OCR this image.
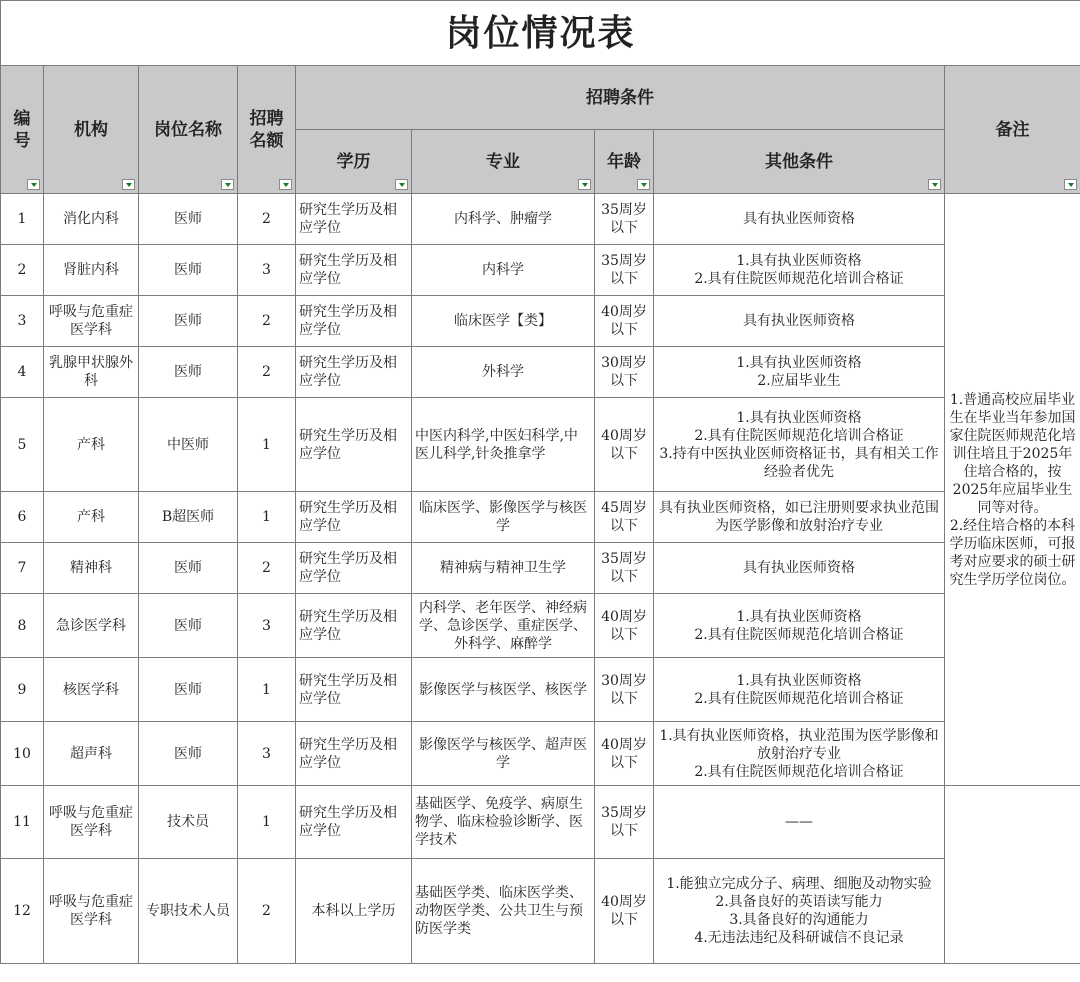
岗位情况表								
编号	机构	岗位名称	招聘名额	招聘条件				备注

				学历	专业	年龄	其他条件	

1	消化内科	医师	2	研究生学历及相应学位	内科学、肿瘤学	35周岁以下	具有执业医师资格	1.普通高校应届毕业生在毕业当年参加国家住院医师规范化培训住培且于2025年住培合格的，按2025年应届毕业生同等对待。
2.经住培合格的本科学历临床医师，可报考对应要求的硕士研究生学历学位岗位。
2	肾脏内科	医师	3	研究生学历及相应学位	内科学	35周岁以下	1.具有执业医师资格
2.具有住院医师规范化培训合格证	
3	呼吸与危重症医学科	医师	2	研究生学历及相应学位	临床医学【类】	40周岁以下	具有执业医师资格	
4	乳腺甲状腺外科	医师	2	研究生学历及相应学位	外科学	30周岁以下	1.具有执业医师资格
2.应届毕业生	
5	产科	中医师	1	研究生学历及相应学位	中医内科学,中医妇科学,中医儿科学,针灸推拿学	40周岁以下	1.具有执业医师资格
2.具有住院医师规范化培训合格证
3.持有中医执业医师资格证书，具有相关工作经验者优先	
6	产科	B超医师	1	研究生学历及相应学位	临床医学、影像医学与核医学	45周岁以下	具有执业医师资格，如已注册则要求执业范围为医学影像和放射治疗专业	
7	精神科	医师	2	研究生学历及相应学位	精神病与精神卫生学	35周岁以下	具有执业医师资格	
8	急诊医学科	医师	3	研究生学历及相应学位	内科学、老年医学、神经病学、急诊医学、重症医学、外科学、麻醉学	40周岁以下	1.具有执业医师资格
2.具有住院医师规范化培训合格证	
9	核医学科	医师	1	研究生学历及相应学位	影像医学与核医学、核医学	30周岁以下	1.具有执业医师资格
2.具有住院医师规范化培训合格证	
10	超声科	医师	3	研究生学历及相应学位	影像医学与核医学、超声医学	40周岁以下	1.具有执业医师资格，执业范围为医学影像和放射治疗专业
2.具有住院医师规范化培训合格证	
11	呼吸与危重症医学科	技术员	1	研究生学历及相应学位	基础医学、免疫学、病原生物学、临床检验诊断学、医学技术	35周岁以下	——	
12	呼吸与危重症医学科	专职技术人员	2	本科以上学历	基础医学类、临床医学类、动物医学类、公共卫生与预防医学类	40周岁以下	1.能独立完成分子、病理、细胞及动物实验
2.具备良好的英语读写能力
3.具备良好的沟通能力
4.无违法违纪及科研诚信不良记录	
